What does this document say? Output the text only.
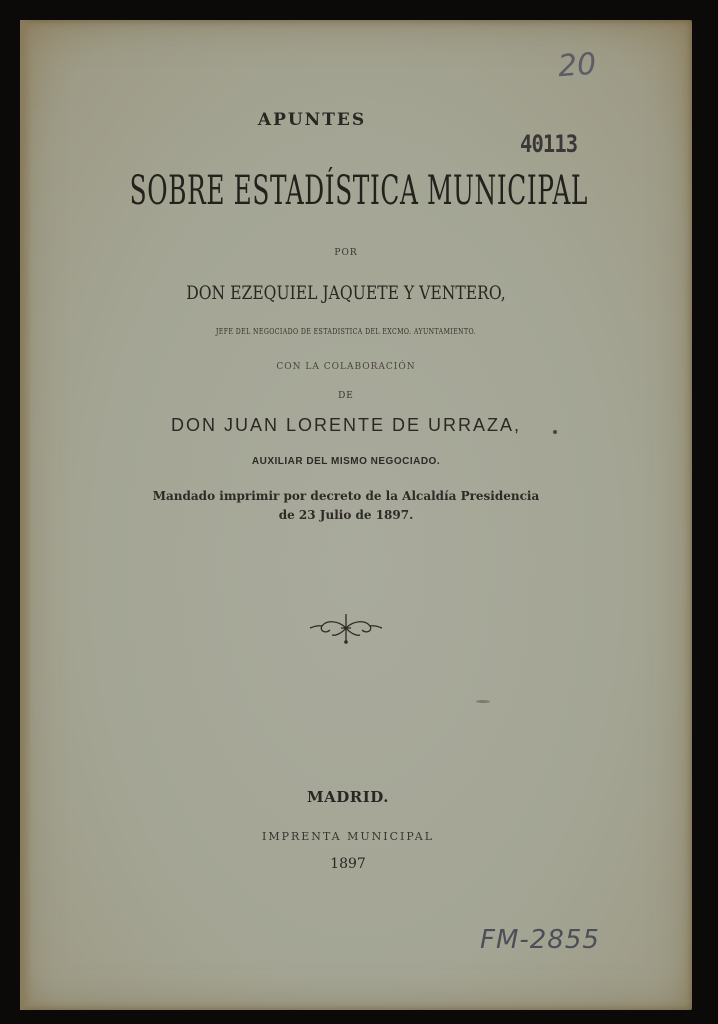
APUNTES
SOBRE ESTADÍSTICA MUNICIPAL
POR
DON EZEQUIEL JAQUETE Y VENTERO,
JEFE DEL NEGOCIADO DE ESTADÍSTICA DEL EXCMO. AYUNTAMIENTO.
CON LA COLABORACIÓN
DE
DON JUAN LORENTE DE URRAZA,
AUXILIAR DEL MISMO NEGOCIADO.
Mandado imprimir por decreto de la Alcaldía Presidencia
de 23 Julio de 1897.
MADRID.
IMPRENTA MUNICIPAL
1897
20
40113
FM-2855
